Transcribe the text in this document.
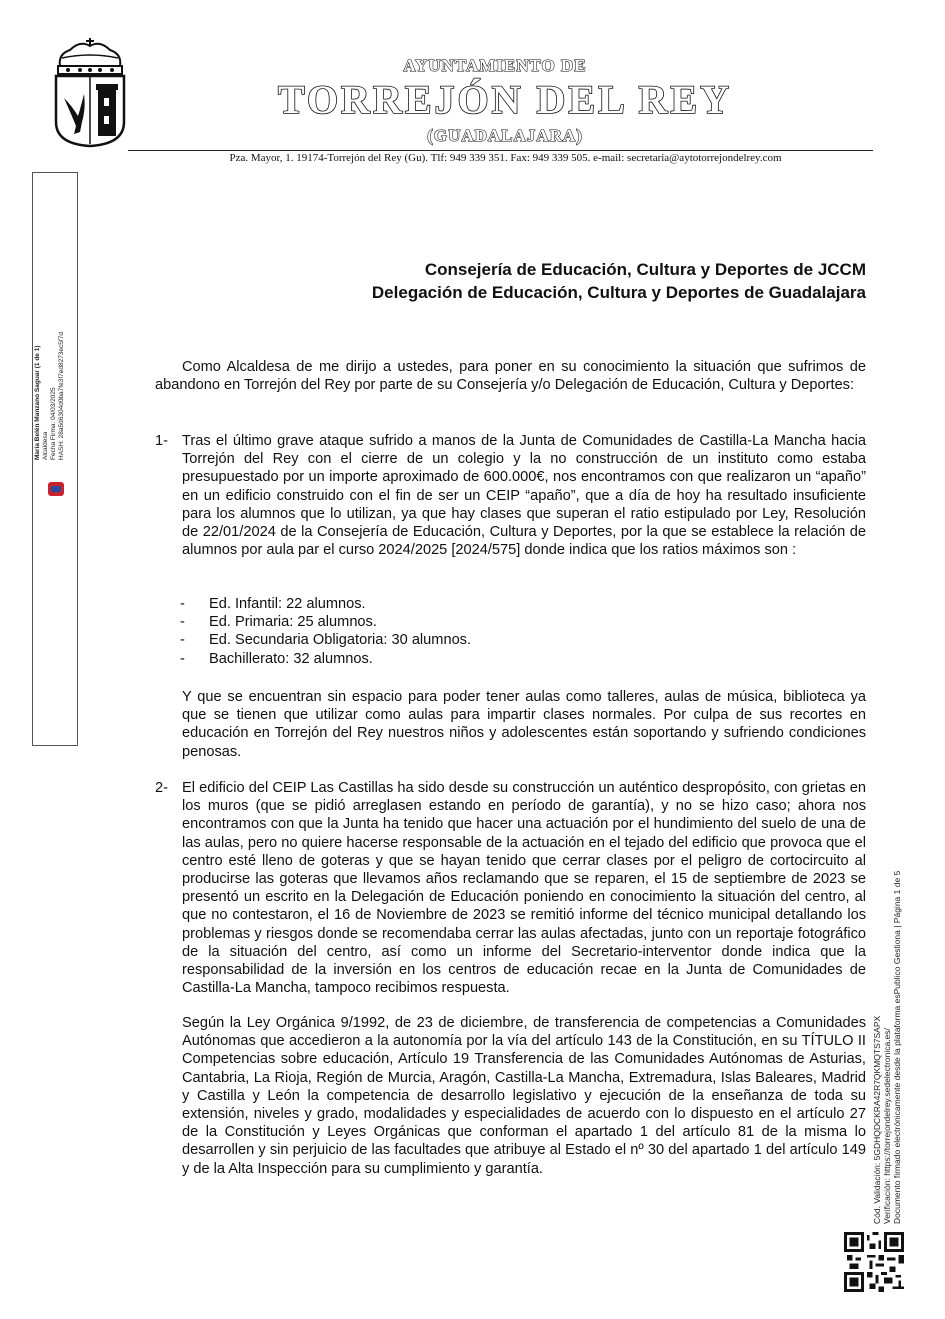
AYUNTAMIENTO DE
TORREJÓN DEL REY
(GUADALAJARA)
Pza. Mayor, 1. 19174-Torrejón del Rey (Gu). Tlf: 949 339 351. Fax: 949 339 505. e-mail: secretaria@aytotorrejondelrey.com
María Belén Manzano Saguar (1 de 1) Alcaldesa Fecha Firma: 04/03/2025 HASH: 28a5d6304d0ba7fe3f7ed8273ec5f7d
Consejería de Educación, Cultura y Deportes de JCCM
Delegación de Educación, Cultura y Deportes de Guadalajara
Como Alcaldesa de me dirijo a ustedes, para poner en su conocimiento la situación que sufrimos de abandono en Torrejón del Rey por parte de su Consejería y/o Delegación de Educación, Cultura y Deportes:
1- Tras el último grave ataque sufrido a manos de la Junta de Comunidades de Castilla-La Mancha hacia Torrejón del Rey con el cierre de un colegio y la no construcción de un instituto como estaba presupuestado por un importe aproximado de 600.000€, nos encontramos con que realizaron un “apaño” en un edificio construido con el fin de ser un CEIP “apaño”, que a día de hoy ha resultado insuficiente para los alumnos que lo utilizan, ya que hay clases que superan el ratio estipulado por Ley, Resolución de 22/01/2024 de la Consejería de Educación, Cultura y Deportes, por la que se establece la relación de alumnos por aula par el curso 2024/2025 [2024/575] donde indica que los ratios máximos son :
- Ed. Infantil: 22 alumnos.
- Ed. Primaria: 25 alumnos.
- Ed. Secundaria Obligatoria: 30 alumnos.
- Bachillerato: 32 alumnos.
Y que se encuentran sin espacio para poder tener aulas como talleres, aulas de música, biblioteca ya que se tienen que utilizar como aulas para impartir clases normales. Por culpa de sus recortes en educación en Torrejón del Rey nuestros niños y adolescentes están soportando y sufriendo condiciones penosas.
2- El edificio del CEIP Las Castillas ha sido desde su construcción un auténtico despropósito, con grietas en los muros (que se pidió arreglasen estando en período de garantía), y no se hizo caso; ahora nos encontramos con que la Junta ha tenido que hacer una actuación por el hundimiento del suelo de una de las aulas, pero no quiere hacerse responsable de la actuación en el tejado del edificio que provoca que el centro esté lleno de goteras y que se hayan tenido que cerrar clases por el peligro de cortocircuito al producirse las goteras que llevamos años reclamando que se reparen, el 15 de septiembre de 2023 se presentó un escrito en la Delegación de Educación poniendo en conocimiento la situación del centro, al que no contestaron, el 16 de Noviembre de 2023 se remitió informe del técnico municipal detallando los problemas y riesgos donde se recomendaba cerrar las aulas afectadas, junto con un reportaje fotográfico de la situación del centro, así como un informe del Secretario-interventor donde indica que la responsabilidad de la inversión en los centros de educación recae en la Junta de Comunidades de Castilla-La Mancha, tampoco recibimos respuesta.
Según la Ley Orgánica 9/1992, de 23 de diciembre, de transferencia de competencias a Comunidades Autónomas que accedieron a la autonomía por la vía del artículo 143 de la Constitución, en su TÍTULO II Competencias sobre educación, Artículo 19 Transferencia de las Comunidades Autónomas de Asturias, Cantabria, La Rioja, Región de Murcia, Aragón, Castilla-La Mancha, Extremadura, Islas Baleares, Madrid y Castilla y León la competencia de desarrollo legislativo y ejecución de la enseñanza de toda su extensión, niveles y grado, modalidades y especialidades de acuerdo con lo dispuesto en el artículo 27 de la Constitución y Leyes Orgánicas que conforman el apartado 1 del artículo 81 de la misma lo desarrollen y sin perjuicio de las facultades que atribuye al Estado el nº 30 del apartado 1 del artículo 149 y de la Alta Inspección para su cumplimiento y garantía.	Cód. Validación: 5GDHQDCKRA42R7QKMQTS7SAPX Verificación: https://torrejondelrey.sedelectronica.es/ Documento firmado electrónicamente desde la plataforma esPublico Gestiona | Página 1 de 5
